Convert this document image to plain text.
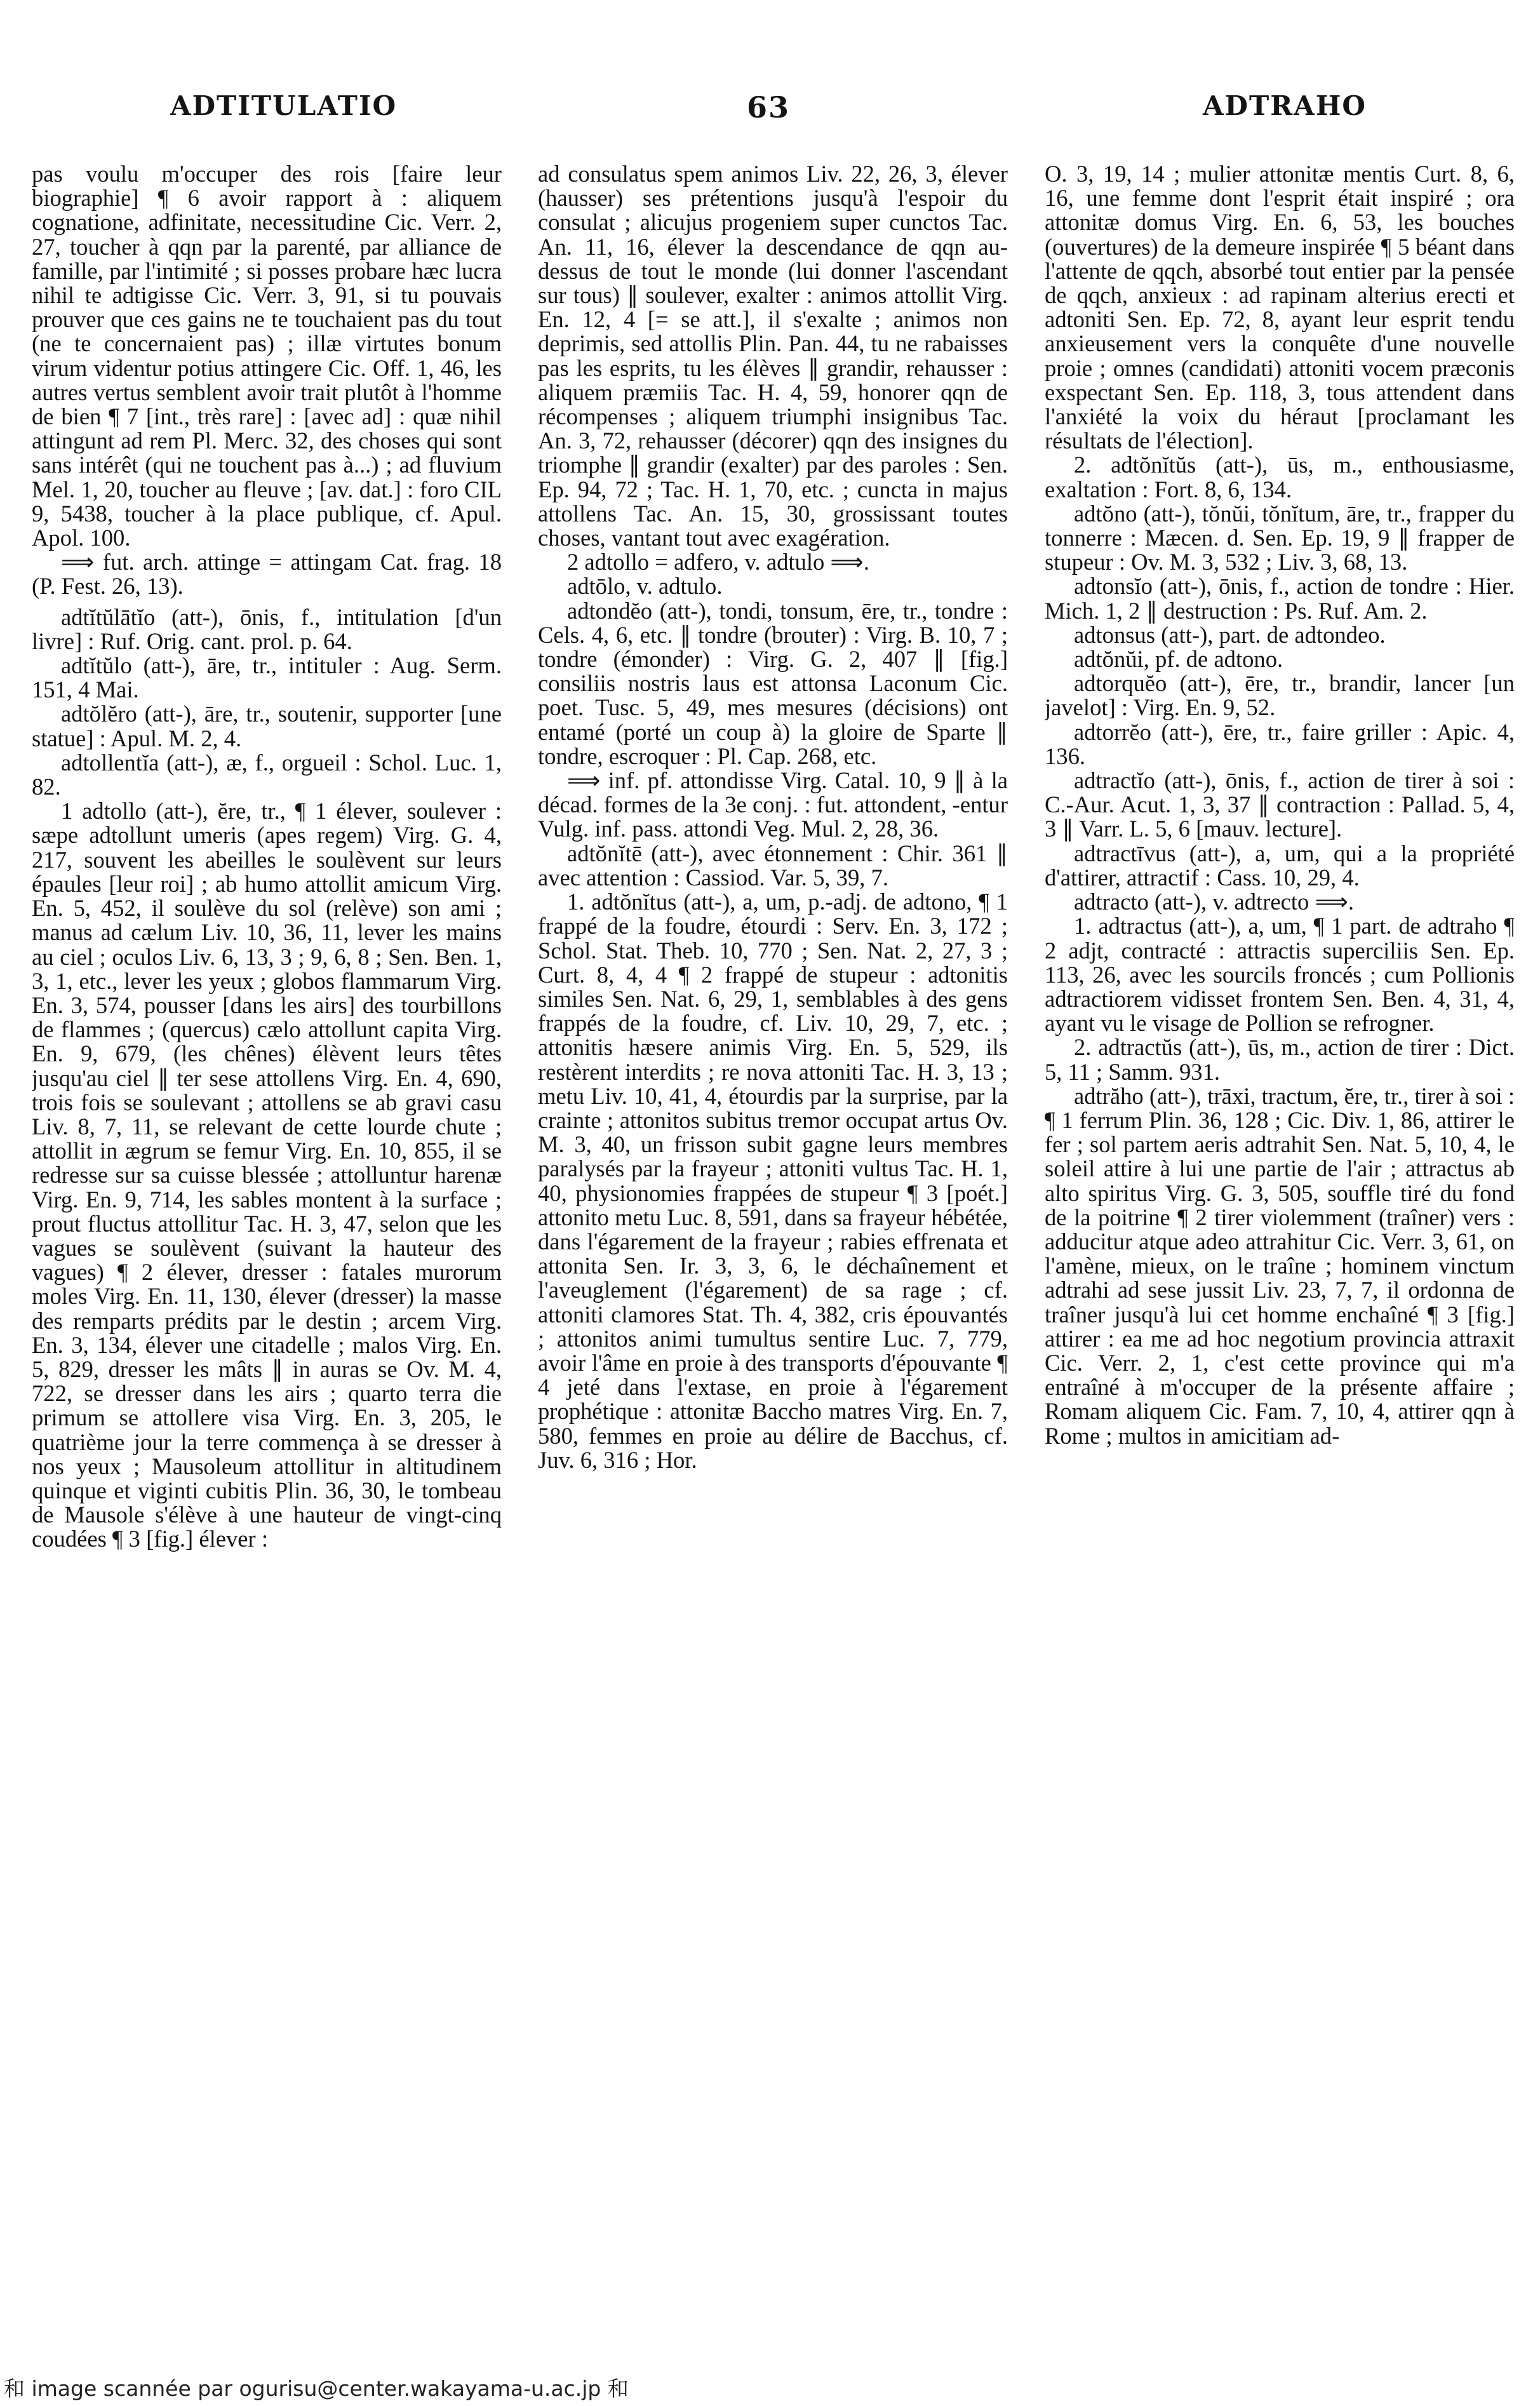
ADTITULATIO	63	ADTRAHO

pas voulu m'occuper des rois [faire leur biographie] ¶ 6 avoir rapport à : aliquem cognatione, adfinitate, necessitudine Cic. Verr. 2, 27, toucher à qqn par la parenté, par alliance de famille, par l'intimité ; si posses probare hæc lucra nihil te adtigisse Cic. Verr. 3, 91, si tu pouvais prouver que ces gains ne te touchaient pas du tout (ne te concernaient pas) ; illæ virtutes bonum virum videntur potius attingere Cic. Off. 1, 46, les autres vertus semblent avoir trait plutôt à l'homme de bien ¶ 7 [int., très rare] : [avec ad] : quæ nihil attingunt ad rem Pl. Merc. 32, des choses qui sont sans intérêt (qui ne touchent pas à...) ; ad fluvium Mel. 1, 20, toucher au fleuve ; [av. dat.] : foro CIL 9, 5438, toucher à la place publique, cf. Apul. Apol. 100.

⟹ fut. arch. attinge = attingam Cat. frag. 18 (P. Fest. 26, 13).

adtĭtŭlātĭo (att-), ōnis, f., intitulation [d'un livre] : Ruf. Orig. cant. prol. p. 64.

adtĭtŭlo (att-), āre, tr., intituler : Aug. Serm. 151, 4 Mai.

adtŏlĕro (att-), āre, tr., soutenir, supporter [une statue] : Apul. M. 2, 4.

adtollentĭa (att-), æ, f., orgueil : Schol. Luc. 1, 82.

1 adtollo (att-), ĕre, tr., ¶ 1 élever, soulever : sæpe adtollunt umeris (apes regem) Virg. G. 4, 217, souvent les abeilles le soulèvent sur leurs épaules [leur roi] ; ab humo attollit amicum Virg. En. 5, 452, il soulève du sol (relève) son ami ; manus ad cælum Liv. 10, 36, 11, lever les mains au ciel ; oculos Liv. 6, 13, 3 ; 9, 6, 8 ; Sen. Ben. 1, 3, 1, etc., lever les yeux ; globos flammarum Virg. En. 3, 574, pousser [dans les airs] des tourbillons de flammes ; (quercus) cælo attollunt capita Virg. En. 9, 679, (les chênes) élèvent leurs têtes jusqu'au ciel ∥ ter sese attollens Virg. En. 4, 690, trois fois se soulevant ; attollens se ab gravi casu Liv. 8, 7, 11, se relevant de cette lourde chute ; attollit in ægrum se femur Virg. En. 10, 855, il se redresse sur sa cuisse blessée ; attolluntur harenæ Virg. En. 9, 714, les sables montent à la surface ; prout fluctus attollitur Tac. H. 3, 47, selon que les vagues se soulèvent (suivant la hauteur des vagues) ¶ 2 élever, dresser : fatales murorum moles Virg. En. 11, 130, élever (dresser) la masse des remparts prédits par le destin ; arcem Virg. En. 3, 134, élever une citadelle ; malos Virg. En. 5, 829, dresser les mâts ∥ in auras se Ov. M. 4, 722, se dresser dans les airs ; quarto terra die primum se attollere visa Virg. En. 3, 205, le quatrième jour la terre commença à se dresser à nos yeux ; Mausoleum attollitur in altitudinem quinque et viginti cubitis Plin. 36, 30, le tombeau de Mausole s'élève à une hauteur de vingt-cinq coudées ¶ 3 [fig.] élever :

ad consulatus spem animos Liv. 22, 26, 3, élever (hausser) ses prétentions jusqu'à l'espoir du consulat ; alicujus progeniem super cunctos Tac. An. 11, 16, élever la descendance de qqn au-dessus de tout le monde (lui donner l'ascendant sur tous) ∥ soulever, exalter : animos attollit Virg. En. 12, 4 [= se att.], il s'exalte ; animos non deprimis, sed attollis Plin. Pan. 44, tu ne rabaisses pas les esprits, tu les élèves ∥ grandir, rehausser : aliquem præmiis Tac. H. 4, 59, honorer qqn de récompenses ; aliquem triumphi insignibus Tac. An. 3, 72, rehausser (décorer) qqn des insignes du triomphe ∥ grandir (exalter) par des paroles : Sen. Ep. 94, 72 ; Tac. H. 1, 70, etc. ; cuncta in majus attollens Tac. An. 15, 30, grossissant toutes choses, vantant tout avec exagération.

2 adtollo = adfero, v. adtulo ⟹.

adtōlo, v. adtulo.

adtondĕo (att-), tondi, tonsum, ēre, tr., tondre : Cels. 4, 6, etc. ∥ tondre (brouter) : Virg. B. 10, 7 ; tondre (émonder) : Virg. G. 2, 407 ∥ [fig.] consiliis nostris laus est attonsa Laconum Cic. poet. Tusc. 5, 49, mes mesures (décisions) ont entamé (porté un coup à) la gloire de Sparte ∥ tondre, escroquer : Pl. Cap. 268, etc.

⟹ inf. pf. attondisse Virg. Catal. 10, 9 ∥ à la décad. formes de la 3e conj. : fut. attondent, -entur Vulg. inf. pass. attondi Veg. Mul. 2, 28, 36.

adtŏnĭtē (att-), avec étonnement : Chir. 361 ∥ avec attention : Cassiod. Var. 5, 39, 7.

1. adtŏnĭtus (att-), a, um, p.-adj. de adtono, ¶ 1 frappé de la foudre, étourdi : Serv. En. 3, 172 ; Schol. Stat. Theb. 10, 770 ; Sen. Nat. 2, 27, 3 ; Curt. 8, 4, 4 ¶ 2 frappé de stupeur : adtonitis similes Sen. Nat. 6, 29, 1, semblables à des gens frappés de la foudre, cf. Liv. 10, 29, 7, etc. ; attonitis hæsere animis Virg. En. 5, 529, ils restèrent interdits ; re nova attoniti Tac. H. 3, 13 ; metu Liv. 10, 41, 4, étourdis par la surprise, par la crainte ; attonitos subitus tremor occupat artus Ov. M. 3, 40, un frisson subit gagne leurs membres paralysés par la frayeur ; attoniti vultus Tac. H. 1, 40, physionomies frappées de stupeur ¶ 3 [poét.] attonito metu Luc. 8, 591, dans sa frayeur hébétée, dans l'égarement de la frayeur ; rabies effrenata et attonita Sen. Ir. 3, 3, 6, le déchaînement et l'aveuglement (l'égarement) de sa rage ; cf. attoniti clamores Stat. Th. 4, 382, cris épouvantés ; attonitos animi tumultus sentire Luc. 7, 779, avoir l'âme en proie à des transports d'épouvante ¶ 4 jeté dans l'extase, en proie à l'égarement prophétique : attonitæ Baccho matres Virg. En. 7, 580, femmes en proie au délire de Bacchus, cf. Juv. 6, 316 ; Hor.

O. 3, 19, 14 ; mulier attonitæ mentis Curt. 8, 6, 16, une femme dont l'esprit était inspiré ; ora attonitæ domus Virg. En. 6, 53, les bouches (ouvertures) de la demeure inspirée ¶ 5 béant dans l'attente de qqch, absorbé tout entier par la pensée de qqch, anxieux : ad rapinam alterius erecti et adtoniti Sen. Ep. 72, 8, ayant leur esprit tendu anxieusement vers la conquête d'une nouvelle proie ; omnes (candidati) attoniti vocem præconis exspectant Sen. Ep. 118, 3, tous attendent dans l'anxiété la voix du héraut [proclamant les résultats de l'élection].

2. adtŏnĭtŭs (att-), ūs, m., enthousiasme, exaltation : Fort. 8, 6, 134.

adtŏno (att-), tŏnŭi, tŏnĭtum, āre, tr., frapper du tonnerre : Mæcen. d. Sen. Ep. 19, 9 ∥ frapper de stupeur : Ov. M. 3, 532 ; Liv. 3, 68, 13.

adtonsĭo (att-), ōnis, f., action de tondre : Hier. Mich. 1, 2 ∥ destruction : Ps. Ruf. Am. 2.

adtonsus (att-), part. de adtondeo.

adtŏnŭi, pf. de adtono.

adtorquĕo (att-), ēre, tr., brandir, lancer [un javelot] : Virg. En. 9, 52.

adtorrĕo (att-), ēre, tr., faire griller : Apic. 4, 136.

adtractĭo (att-), ōnis, f., action de tirer à soi : C.-Aur. Acut. 1, 3, 37 ∥ contraction : Pallad. 5, 4, 3 ∥ Varr. L. 5, 6 [mauv. lecture].

adtractīvus (att-), a, um, qui a la propriété d'attirer, attractif : Cass. 10, 29, 4.

adtracto (att-), v. adtrecto ⟹.

1. adtractus (att-), a, um, ¶ 1 part. de adtraho ¶ 2 adjt, contracté : attractis superciliis Sen. Ep. 113, 26, avec les sourcils froncés ; cum Pollionis adtractiorem vidisset frontem Sen. Ben. 4, 31, 4, ayant vu le visage de Pollion se refrogner.

2. adtractŭs (att-), ūs, m., action de tirer : Dict. 5, 11 ; Samm. 931.

adtrăho (att-), trāxi, tractum, ĕre, tr., tirer à soi : ¶ 1 ferrum Plin. 36, 128 ; Cic. Div. 1, 86, attirer le fer ; sol partem aeris adtrahit Sen. Nat. 5, 10, 4, le soleil attire à lui une partie de l'air ; attractus ab alto spiritus Virg. G. 3, 505, souffle tiré du fond de la poitrine ¶ 2 tirer violemment (traîner) vers : adducitur atque adeo attrahitur Cic. Verr. 3, 61, on l'amène, mieux, on le traîne ; hominem vinctum adtrahi ad sese jussit Liv. 23, 7, 7, il ordonna de traîner jusqu'à lui cet homme enchaîné ¶ 3 [fig.] attirer : ea me ad hoc negotium provincia attraxit Cic. Verr. 2, 1, c'est cette province qui m'a entraîné à m'occuper de la présente affaire ; Romam aliquem Cic. Fam. 7, 10, 4, attirer qqn à Rome ; multos in amicitiam ad-

和 image scannée par ogurisu@center.wakayama-u.ac.jp 和
